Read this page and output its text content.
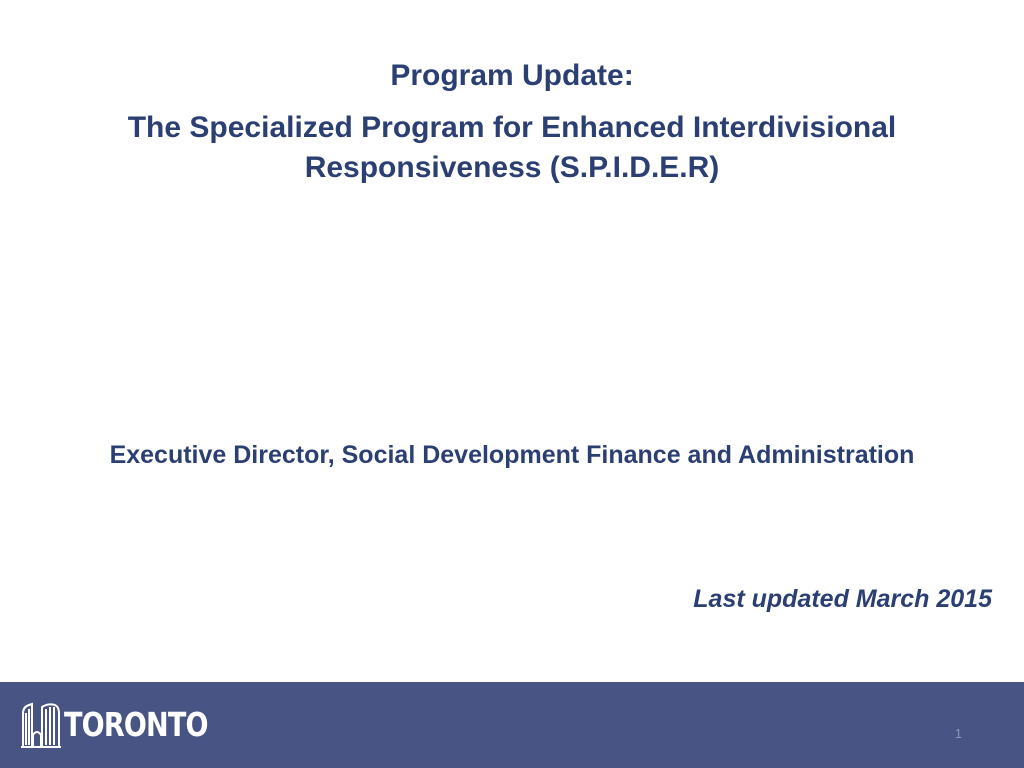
Program Update:
The Specialized Program for Enhanced Interdivisional Responsiveness (S.P.I.D.E.R)
Executive Director, Social Development Finance and Administration
Last updated March 2015
TORONTO	1
